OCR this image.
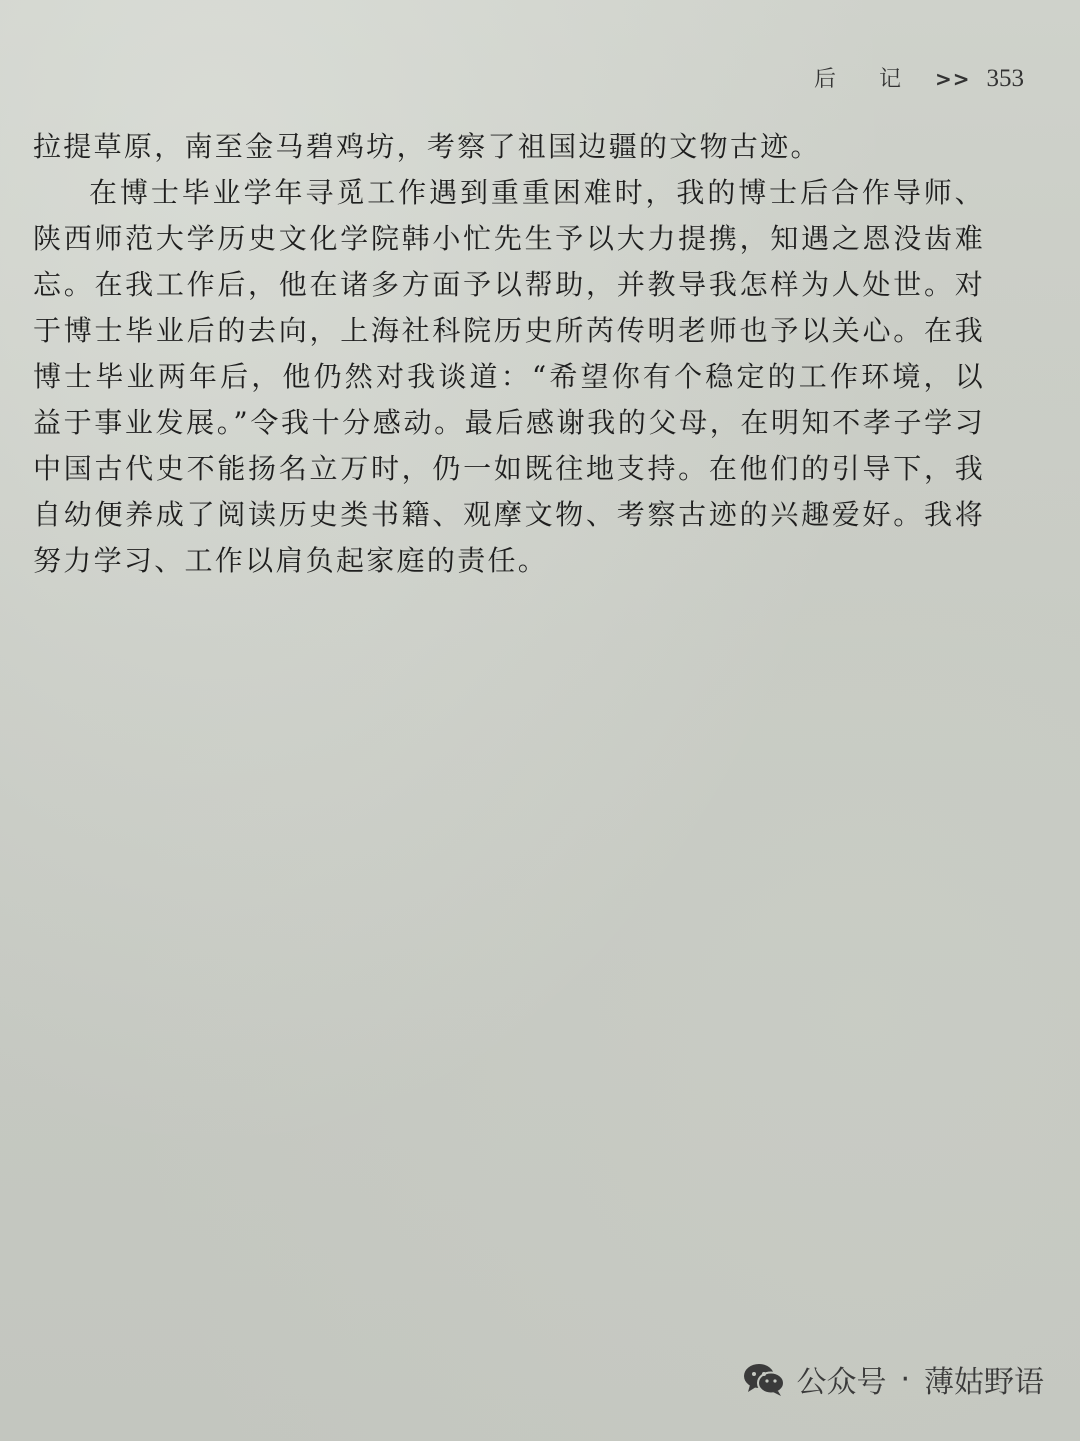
后 记 >> 353

拉提草原，南至金马碧鸡坊，考察了祖国边疆的文物古迹。

在博士毕业学年寻觅工作遇到重重困难时，我的博士后合作导师、陕西师范大学历史文化学院韩小忙先生予以大力提携，知遇之恩没齿难忘。在我工作后，他在诸多方面予以帮助，并教导我怎样为人处世。对于博士毕业后的去向，上海社科院历史所芮传明老师也予以关心。在我博士毕业两年后，他仍然对我谈道：“希望你有个稳定的工作环境，以益于事业发展。”令我十分感动。最后感谢我的父母，在明知不孝子学习中国古代史不能扬名立万时，仍一如既往地支持。在他们的引导下，我自幼便养成了阅读历史类书籍、观摩文物、考察古迹的兴趣爱好。我将努力学习、工作以肩负起家庭的责任。

公众号 · 薄姑野语
